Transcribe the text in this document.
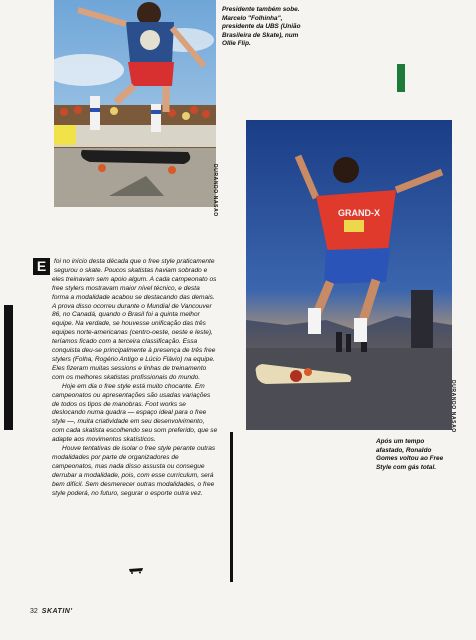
DURANDO NASAO
Presidente também sobe. Marcelo "Folhinha", presidente da UBS (União Brasileira de Skate), num Ollie Flip.
GRAND-X
DURANDO NASAO
Após um tempo afastado, Ronaldo Gomes voltou ao Free Style com gás total.
E	foi no início desta década que o free style praticamente segurou o skate. Poucos skatistas haviam sobrado e eles treinavam sem apoio algum. A cada campeonato os free stylers mostravam maior nível técnico, e desta forma a modalidade acabou se destacando das demais. A prova disso ocorreu durante o Mundial de Vancouver 86, no Canadá, quando o Brasil foi a quinta melhor equipe. Na verdade, se houvesse unificação das três equipes norte-americanas (centro-oeste, oeste e leste), teríamos ficado com a terceira classificação. Essa conquista deu-se principalmente à presença de três free stylers (Folha, Rogério Antigo e Lúcio Flávio) na equipe. Eles fizeram muitas sessions e linhas de treinamento com os melhores skatistas profissionais do mundo.

Hoje em dia o free style está muito chocante. Em campeonatos ou apresentações são usadas variações de todos os tipos de manobras. Foot works se deslocando numa quadra — espaço ideal para o free style —, muita criatividade em seu desenvolvimento, com cada skatista escolhendo seu som preferido, que se adapte aos movimentos skatísticos.

Houve tentativas de isolar o free style perante outras modalidades por parte de organizadores de campeonatos, mas nada disso assusta ou consegue derrubar a modalidade, pois, com esse curriculum, será bem difícil. Sem desmerecer outras modalidades, o free style poderá, no futuro, segurar o esporte outra vez.

32 SKATIN'
